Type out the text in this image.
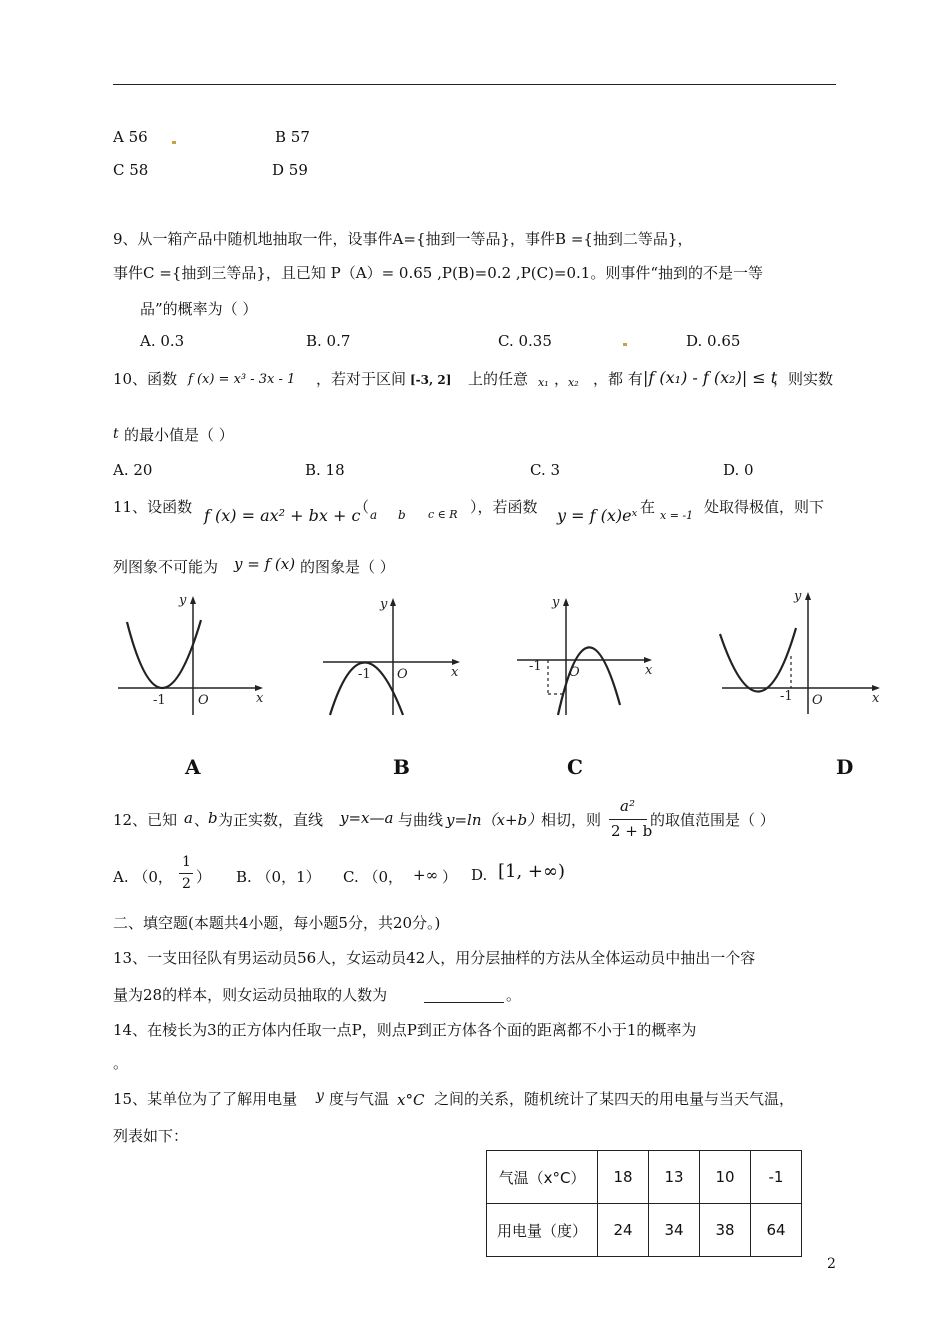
A 56	B 57
C 58	D 59
9、从一箱产品中随机地抽取一件，设事件A={抽到一等品}，事件B ={抽到二等品}，
事件C ={抽到三等品}，且已知 P（A）= 0.65 ,P(B)=0.2 ,P(C)=0.1。则事件“抽到的不是一等
品”的概率为（ ）
A. 0.3	B. 0.7	C. 0.35	D. 0.65
10、函数 f (x) = x³ - 3x - 1 ，若对于区间 [-3, 2] 上的任意 x₁ ，
x₂ ，都 有 |f (x₁) - f (x₂)| ≤ t
，则实数
t 的最小值是（ ）
A. 20	B. 18	C. 3	D. 0
11、设函数 f (x) = ax² + bx + c
（ a b c ∈ R ），若函数 y = f (x)eˣ 在 x = -1 处取得极值，则下
列图象不可能为 y = f (x) 的图象是（ ）
y
x
O
-1
A
y
x
O
-1
B
y
x
O
-1
C
y
x
O
-1
D
12、已知 a 、
b 为正实数，直线 y=x—a 与曲线 y=ln（x+b）
相切，则
a²
2 + b
的取值范围是（ ）
A. （0，
1
2 ） B. （0，1） C. （0， +∞ ） D. [1, +∞)
二、填空题(本题共4小题，每小题5分，共20分。)
13、一支田径队有男运动员56人，女运动员42人，用分层抽样的方法从全体运动员中抽出一个容
量为28的样本，则女运动员抽取的人数为	。
14、在棱长为3的正方体内任取一点P，则点P到正方体各个面的距离都不小于1的概率为
。
15、某单位为了了解用电量 y 度与气温 x°C 之间的关系，随机统计了某四天的用电量与当天气温，
列表如下：
气温（x°C）	18	13	10	-1
用电量（度）	24	34	38	64
2
